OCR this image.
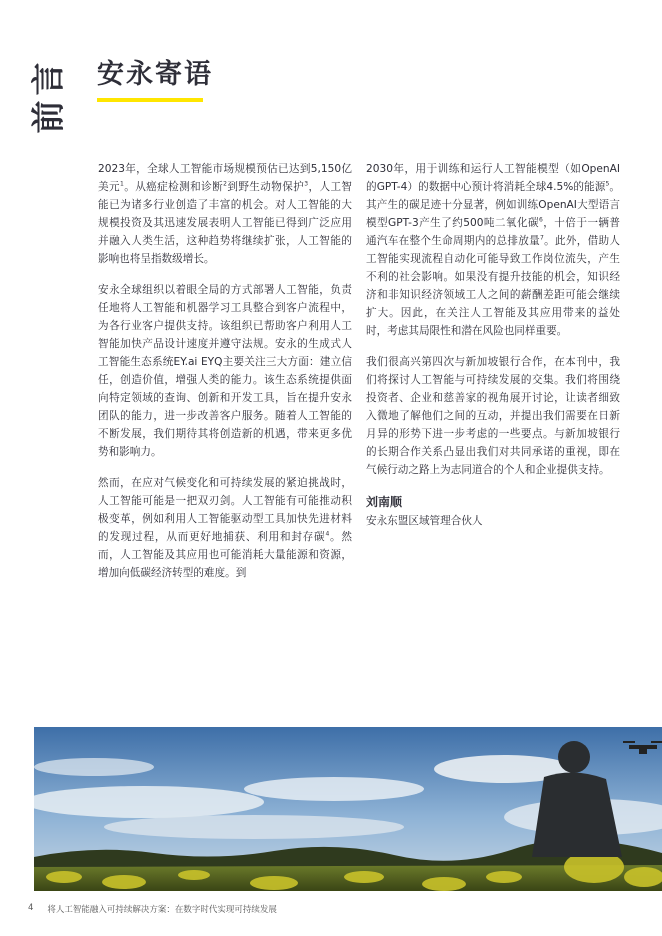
言
前
安永寄语

2023年，全球人工智能市场规模预估已达到5,150亿美元$^1$。从癌症检测和诊断$^2$到野生动物保护$^3$，人工智能已为诸多行业创造了丰富的机会。对人工智能的大规模投资及其迅速发展表明人工智能已得到广泛应用并融入人类生活，这种趋势将继续扩张，人工智能的影响也将呈指数级增长。

安永全球组织以着眼全局的方式部署人工智能，负责任地将人工智能和机器学习工具整合到客户流程中，为各行业客户提供支持。该组织已帮助客户利用人工智能加快产品设计速度并遵守法规。安永的生成式人工智能生态系统EY.ai EYQ主要关注三大方面：建立信任，创造价值，增强人类的能力。该生态系统提供面向特定领域的查询、创新和开发工具，旨在提升安永团队的能力，进一步改善客户服务。随着人工智能的不断发展，我们期待其将创造新的机遇，带来更多优势和影响力。

然而，在应对气候变化和可持续发展的紧迫挑战时，人工智能可能是一把双刃剑。人工智能有可能推动积极变革，例如利用人工智能驱动型工具加快先进材料的发现过程，从而更好地捕获、利用和封存碳$^4$。然而，人工智能及其应用也可能消耗大量能源和资源，增加向低碳经济转型的难度。到

2030年，用于训练和运行人工智能模型（如OpenAI的GPT-4）的数据中心预计将消耗全球4.5%的能源$^5$。其产生的碳足迹十分显著，例如训练OpenAI大型语言模型GPT-3产生了约500吨二氧化碳$^6$，十倍于一辆普通汽车在整个生命周期内的总排放量$^7$。此外，借助人工智能实现流程自动化可能导致工作岗位流失，产生不利的社会影响。如果没有提升技能的机会，知识经济和非知识经济领域工人之间的薪酬差距可能会继续扩大。因此，在关注人工智能及其应用带来的益处时，考虑其局限性和潜在风险也同样重要。

我们很高兴第四次与新加坡银行合作，在本刊中，我们将探讨人工智能与可持续发展的交集。我们将围绕投资者、企业和慈善家的视角展开讨论，让读者细致入微地了解他们之间的互动，并提出我们需要在日新月异的形势下进一步考虑的一些要点。与新加坡银行的长期合作关系凸显出我们对共同承诺的重视，即在气候行动之路上为志同道合的个人和企业提供支持。

刘南顺
安永东盟区域管理合伙人
4 将人工智能融入可持续解决方案：在数字时代实现可持续发展
